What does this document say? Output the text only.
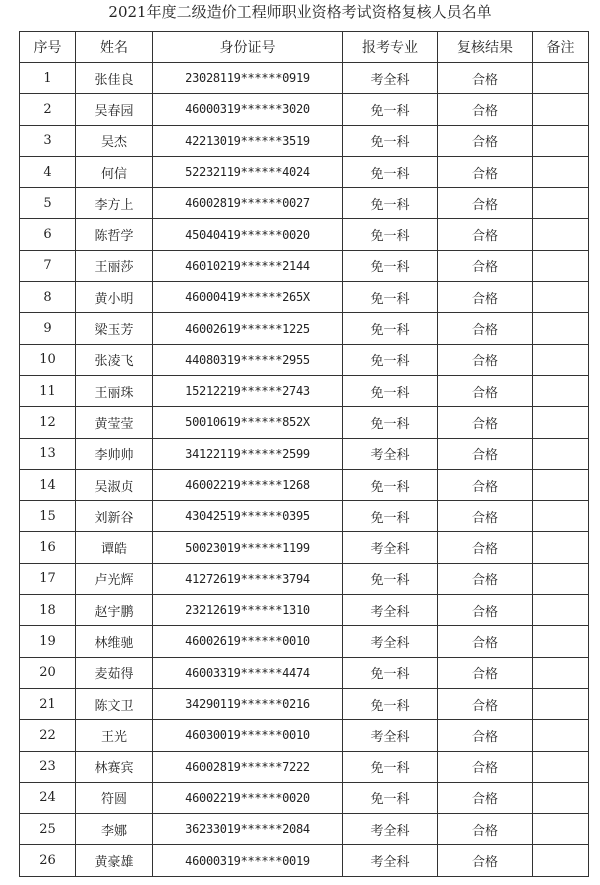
2021年度二级造价工程师职业资格考试资格复核人员名单
序号	姓名	身份证号	报考专业	复核结果	备注
1	张佳良	23028119******0919	考全科	合格	
2	吴春园	46000319******3020	免一科	合格	
3	吴杰	42213019******3519	免一科	合格	
4	何信	52232119******4024	免一科	合格	
5	李方上	46002819******0027	免一科	合格	
6	陈哲学	45040419******0020	免一科	合格	
7	王丽莎	46010219******2144	免一科	合格	
8	黄小明	46000419******265X	免一科	合格	
9	梁玉芳	46002619******1225	免一科	合格	
10	张凌飞	44080319******2955	免一科	合格	
11	王丽珠	15212219******2743	免一科	合格	
12	黄莹莹	50010619******852X	免一科	合格	
13	李帅帅	34122119******2599	考全科	合格	
14	吴淑贞	46002219******1268	免一科	合格	
15	刘新谷	43042519******0395	免一科	合格	
16	谭皓	50023019******1199	考全科	合格	
17	卢光辉	41272619******3794	免一科	合格	
18	赵宇鹏	23212619******1310	考全科	合格	
19	林维驰	46002619******0010	考全科	合格	
20	麦茹得	46003319******4474	免一科	合格	
21	陈文卫	34290119******0216	免一科	合格	
22	王光	46030019******0010	考全科	合格	
23	林赛宾	46002819******7222	免一科	合格	
24	符圆	46002219******0020	免一科	合格	
25	李娜	36233019******2084	考全科	合格	
26	黄豪雄	46000319******0019	考全科	合格	
